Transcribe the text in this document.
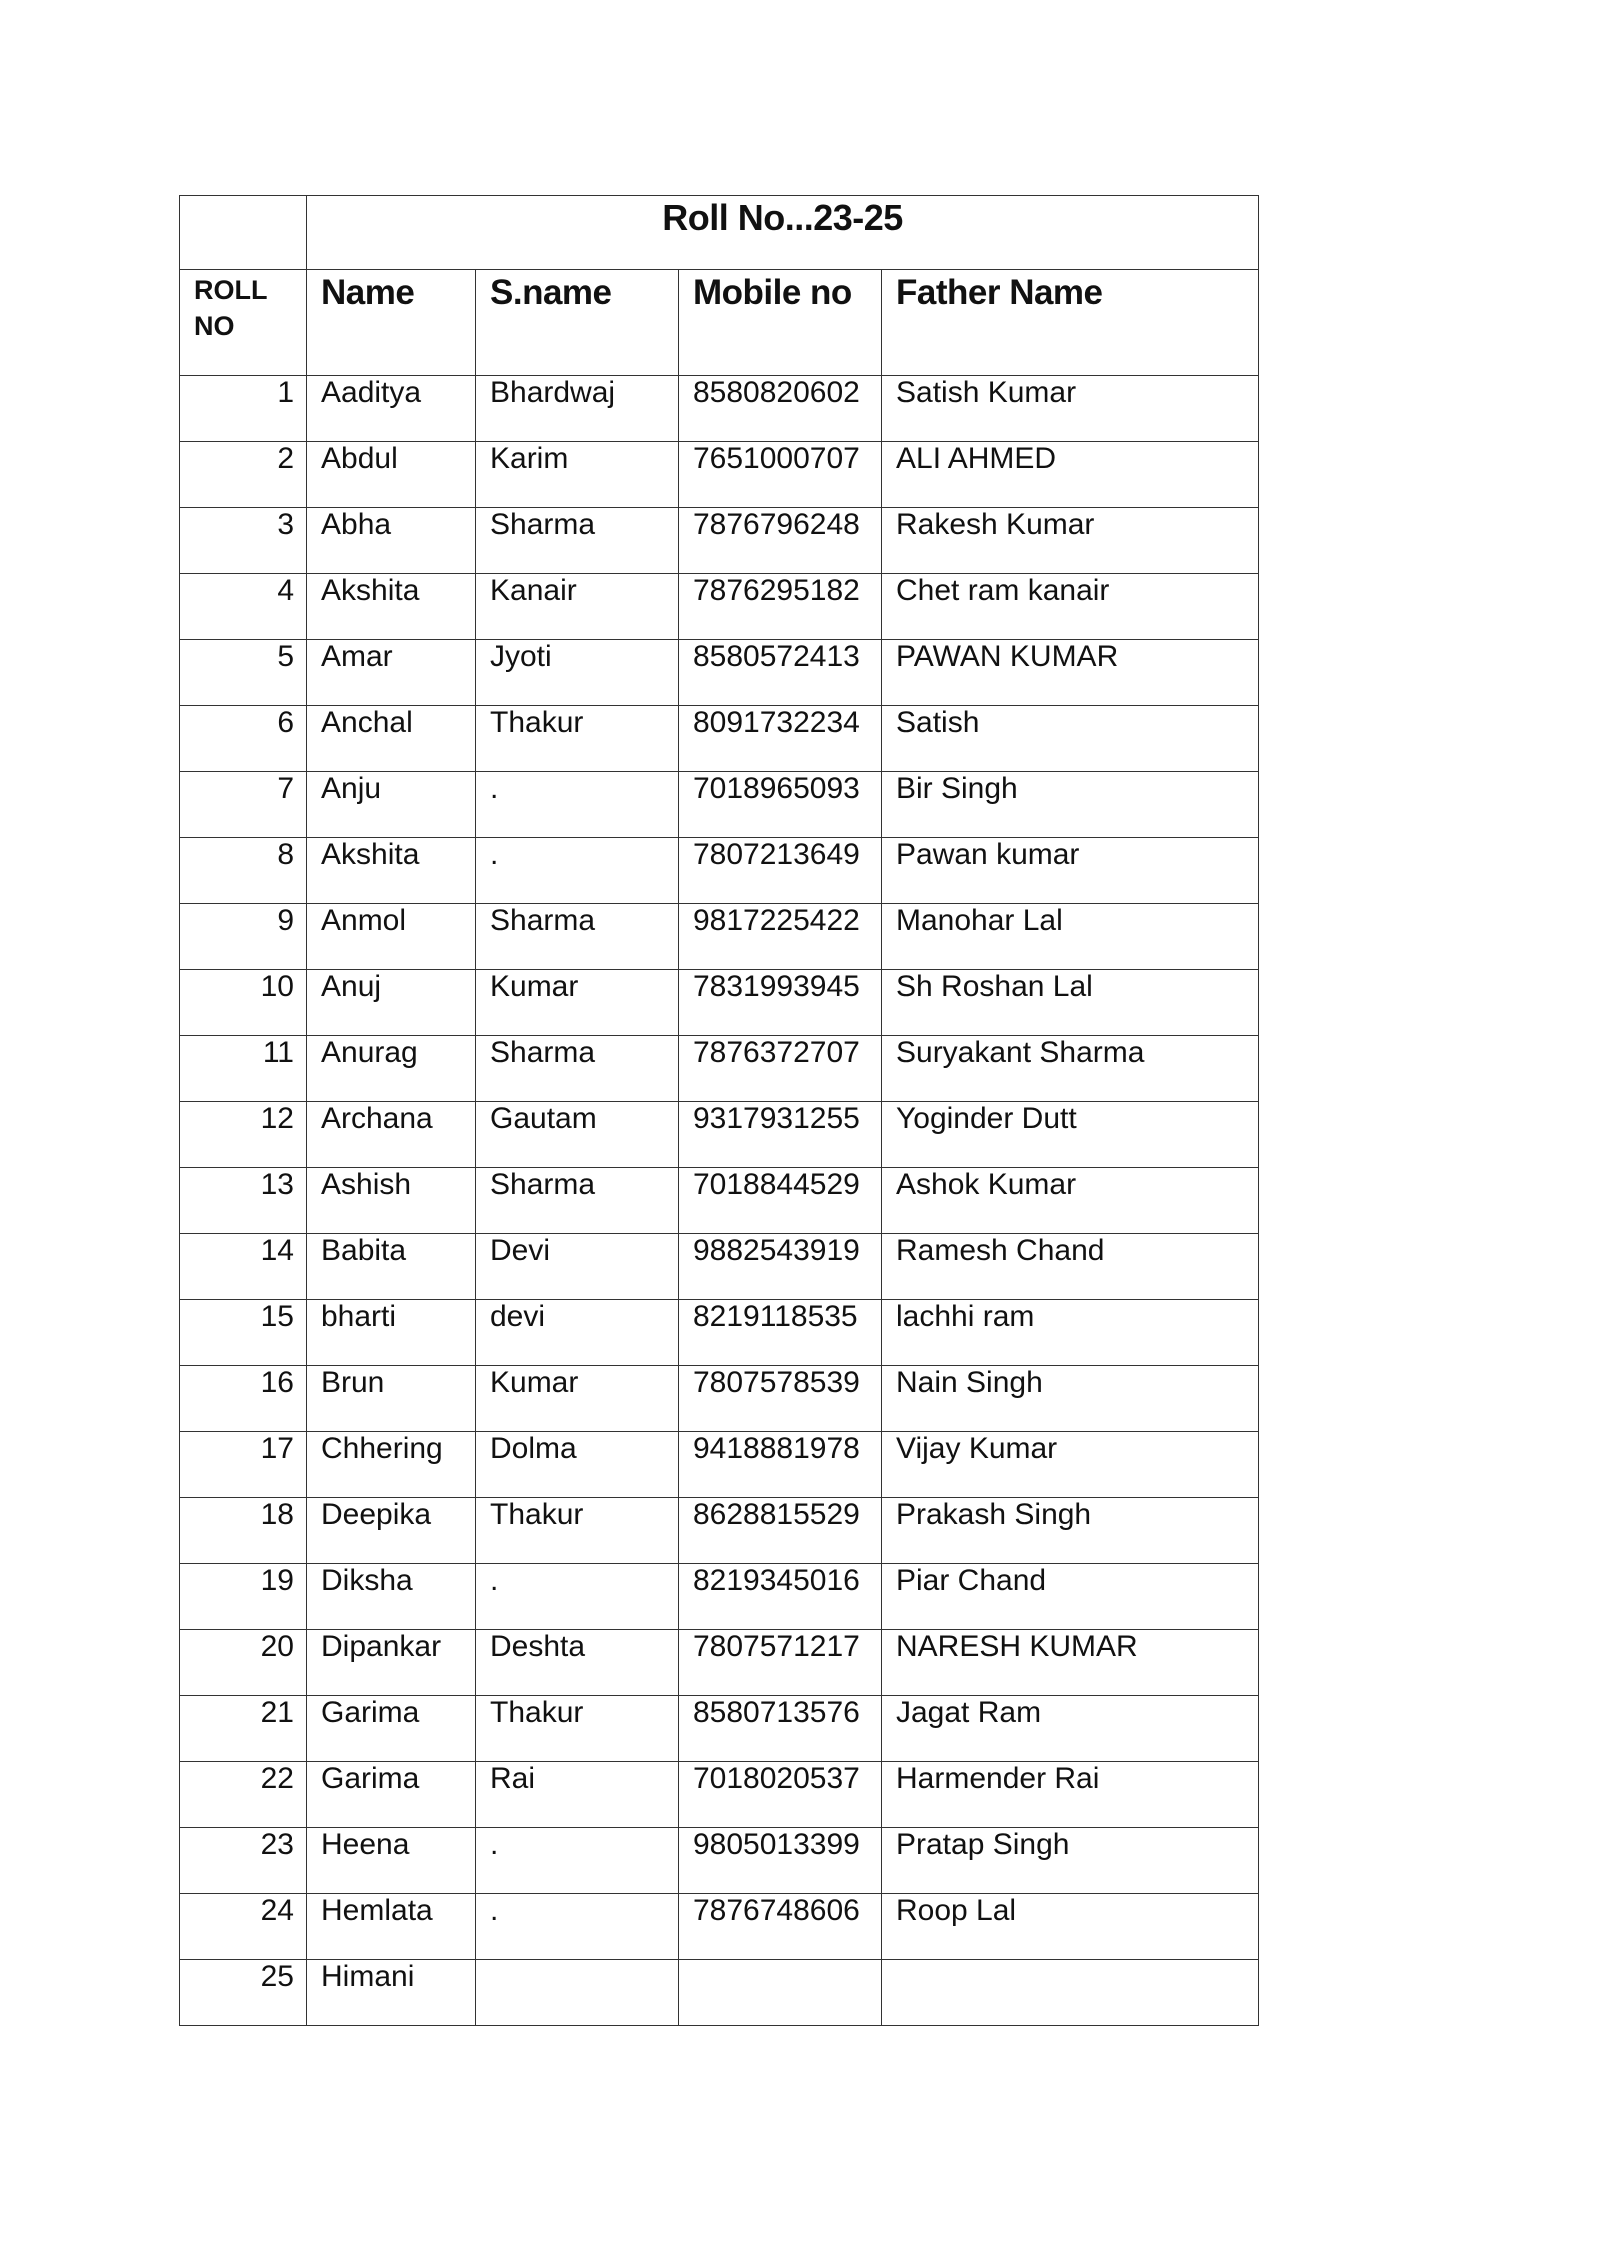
	Roll No...23-25			

ROLL
NO	Name	S.name	Mobile no	Father Name
1	Aaditya	Bhardwaj	8580820602	Satish Kumar
2	Abdul	Karim	7651000707	ALI AHMED
3	Abha	Sharma	7876796248	Rakesh Kumar
4	Akshita	Kanair	7876295182	Chet ram kanair
5	Amar	Jyoti	8580572413	PAWAN KUMAR
6	Anchal	Thakur	8091732234	Satish
7	Anju	.	7018965093	Bir Singh
8	Akshita	.	7807213649	Pawan kumar
9	Anmol	Sharma	9817225422	Manohar Lal
10	Anuj	Kumar	7831993945	Sh Roshan Lal
11	Anurag	Sharma	7876372707	Suryakant Sharma
12	Archana	Gautam	9317931255	Yoginder Dutt
13	Ashish	Sharma	7018844529	Ashok Kumar
14	Babita	Devi	9882543919	Ramesh Chand
15	bharti	devi	8219118535	lachhi ram
16	Brun	Kumar	7807578539	Nain Singh
17	Chhering	Dolma	9418881978	Vijay Kumar
18	Deepika	Thakur	8628815529	Prakash Singh
19	Diksha	.	8219345016	Piar Chand
20	Dipankar	Deshta	7807571217	NARESH KUMAR
21	Garima	Thakur	8580713576	Jagat Ram
22	Garima	Rai	7018020537	Harmender Rai
23	Heena	.	9805013399	Pratap Singh
24	Hemlata	.	7876748606	Roop Lal
25	Himani			
